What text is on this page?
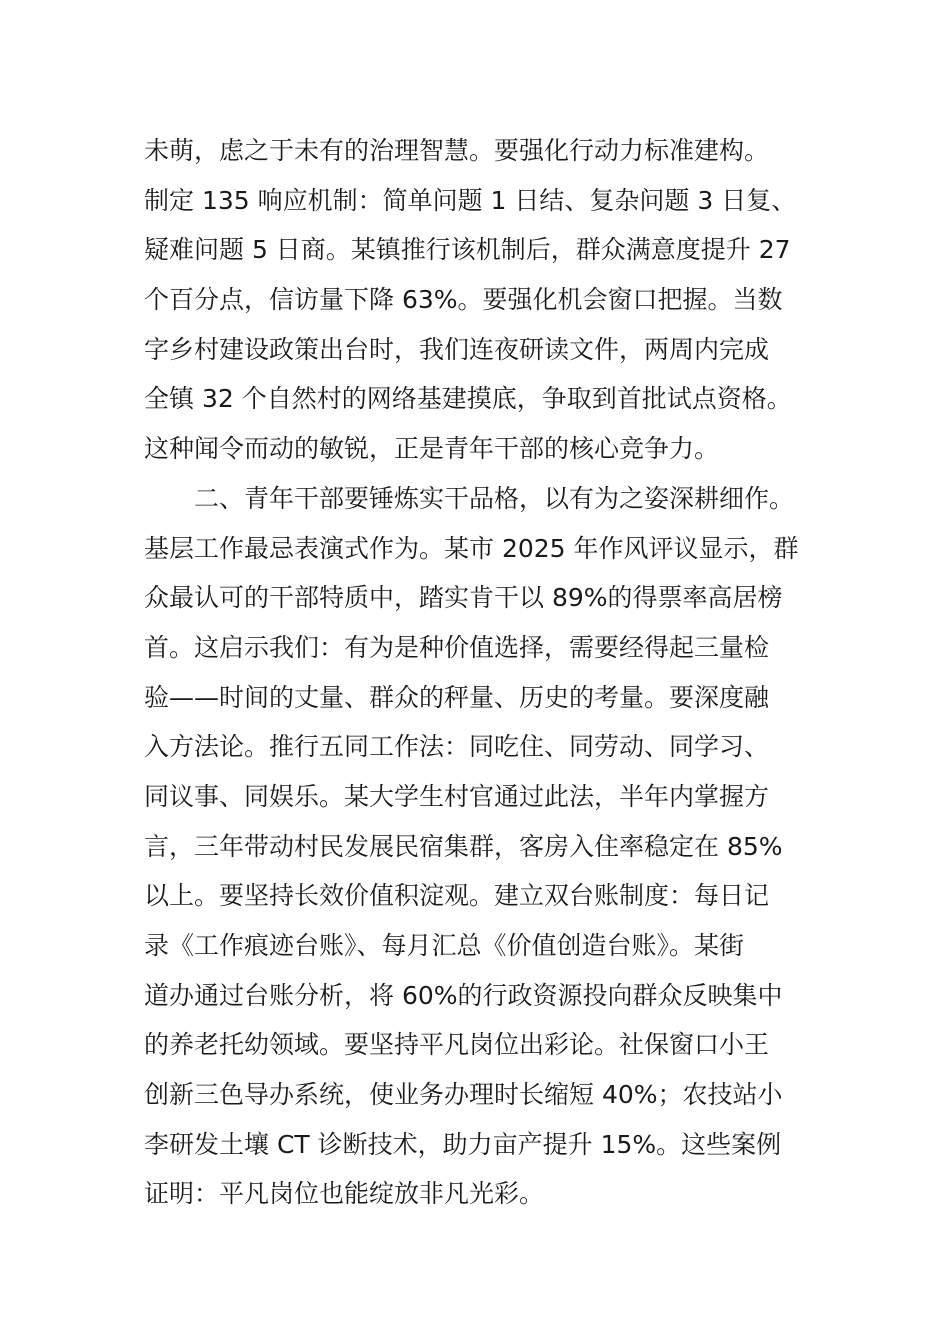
未萌，虑之于未有的治理智慧。要强化行动力标准建构。
制定 135 响应机制：简单问题 1 日结、复杂问题 3 日复、
疑难问题 5 日商。某镇推行该机制后，群众满意度提升 27
个百分点，信访量下降 63%。要强化机会窗口把握。当数
字乡村建设政策出台时，我们连夜研读文件，两周内完成
全镇 32 个自然村的网络基建摸底，争取到首批试点资格。
这种闻令而动的敏锐，正是青年干部的核心竞争力。
二、青年干部要锤炼实干品格，以有为之姿深耕细作。
基层工作最忌表演式作为。某市 2025 年作风评议显示，群
众最认可的干部特质中，踏实肯干以 89%的得票率高居榜
首。这启示我们：有为是种价值选择，需要经得起三量检
验——时间的丈量、群众的秤量、历史的考量。要深度融
入方法论。推行五同工作法：同吃住、同劳动、同学习、
同议事、同娱乐。某大学生村官通过此法，半年内掌握方
言，三年带动村民发展民宿集群，客房入住率稳定在 85%
以上。要坚持长效价值积淀观。建立双台账制度：每日记
录《工作痕迹台账》、每月汇总《价值创造台账》。某街
道办通过台账分析，将 60%的行政资源投向群众反映集中
的养老托幼领域。要坚持平凡岗位出彩论。社保窗口小王
创新三色导办系统，使业务办理时长缩短 40%；农技站小
李研发土壤 CT 诊断技术，助力亩产提升 15%。这些案例
证明：平凡岗位也能绽放非凡光彩。
